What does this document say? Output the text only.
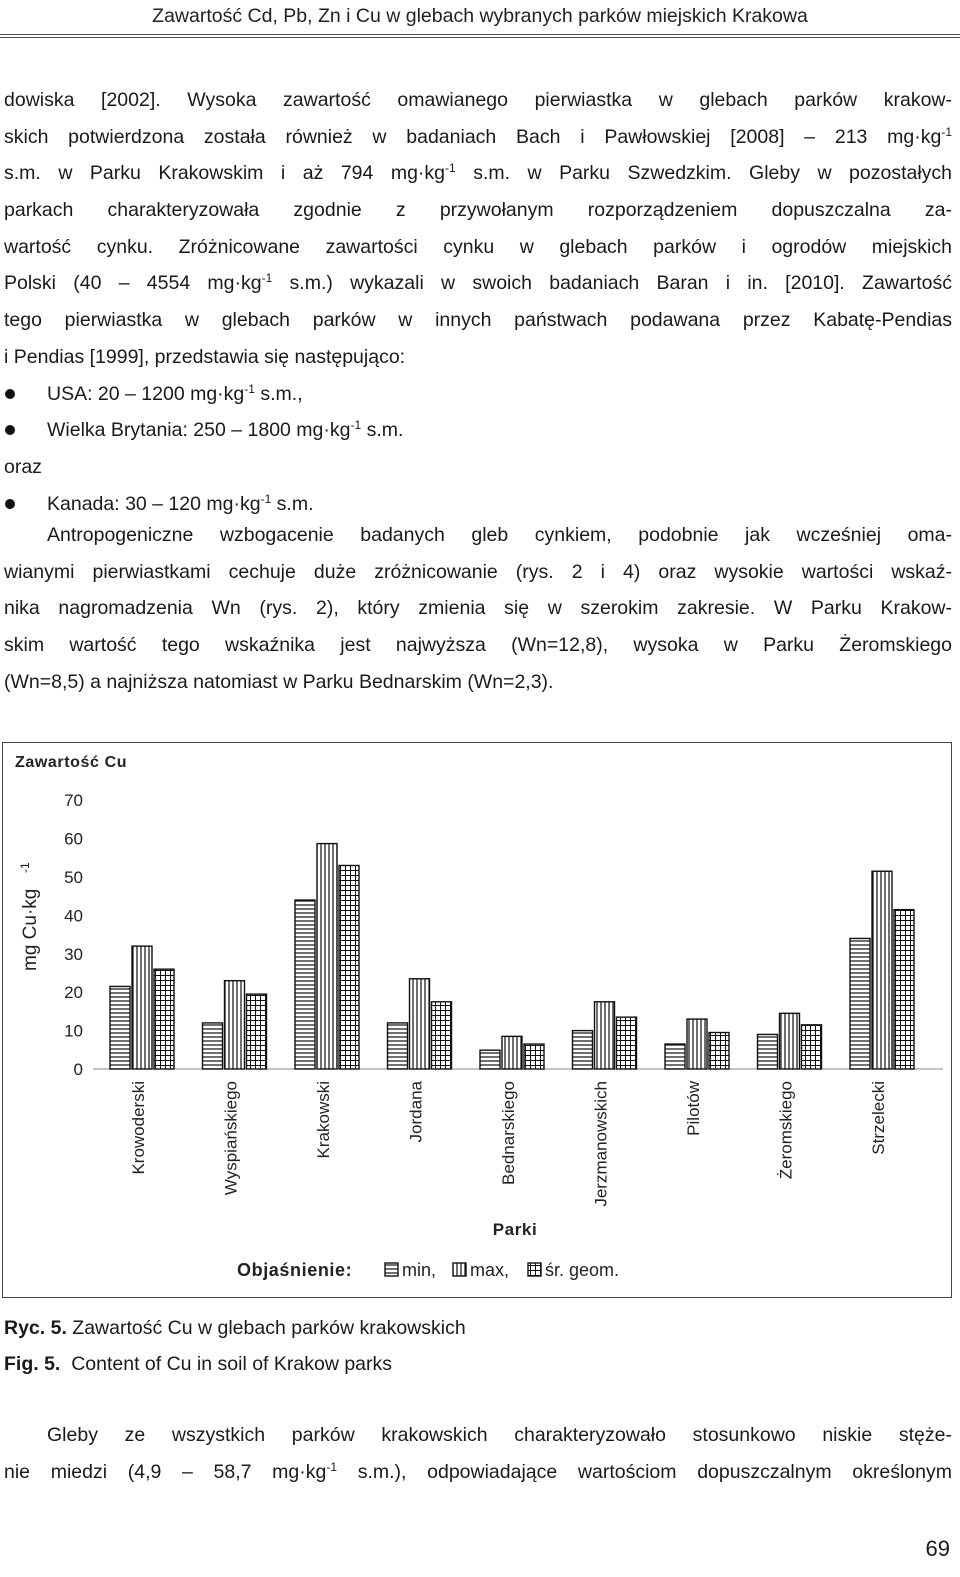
Zawartość Cd, Pb, Zn i Cu w glebach wybranych parków miejskich Krakowa
dowiska [2002]. Wysoka zawartość omawianego pierwiastka w glebach parków krakow-
skich potwierdzona została również w badaniach Bach i Pawłowskiej [2008] – 213 $mg\cdot kg^{-1}$
s.m. w Parku Krakowskim i aż 794 $mg\cdot kg^{-1}$ s.m. w Parku Szwedzkim. Gleby w pozostałych
parkach charakteryzowała zgodnie z przywołanym rozporządzeniem dopuszczalna za-
wartość cynku. Zróżnicowane zawartości cynku w glebach parków i ogrodów miejskich
Polski (40 – 4554 $mg\cdot kg^{-1}$ s.m.) wykazali w swoich badaniach Baran i in. [2010]. Zawartość
tego pierwiastka w glebach parków w innych państwach podawana przez Kabatę-Pendias
i Pendias [1999], przedstawia się następująco:
USA: 20 – 1200 $mg\cdot kg^{-1}$ s.m.,
Wielka Brytania: 250 – 1800 $mg\cdot kg^{-1}$ s.m.
oraz
Kanada: 30 – 120 $mg\cdot kg^{-1}$ s.m.
Antropogeniczne wzbogacenie badanych gleb cynkiem, podobnie jak wcześniej oma-
wianymi pierwiastkami cechuje duże zróżnicowanie (rys. 2 i 4) oraz wysokie wartości wskaź-
nika nagromadzenia Wn (rys. 2), który zmienia się w szerokim zakresie. W Parku Krakow-
skim wartość tego wskaźnika jest najwyższa (Wn=12,8), wysoka w Parku Żeromskiego
(Wn=8,5) a najniższa natomiast w Parku Bednarskim (Wn=2,3).
Zawartość Cu
0
10
20
30
40
50
60
70
mg Cu·kg
-1
Krowoderski	Wyspiańskiego	Krakowski	Jordana	Bednarskiego	Jerzmanowskich	Pilotów	Żeromskiego	Strzelecki
Parki
Objaśnienie:	min, max, śr. geom.
Ryc. 5. Zawartość Cu w glebach parków krakowskich
Fig. 5. Content of Cu in soil of Krakow parks
Gleby ze wszystkich parków krakowskich charakteryzowało stosunkowo niskie stęże-
nie miedzi (4,9 – 58,7 $mg\cdot kg^{-1}$ s.m.), odpowiadające wartościom dopuszczalnym określonym
69
